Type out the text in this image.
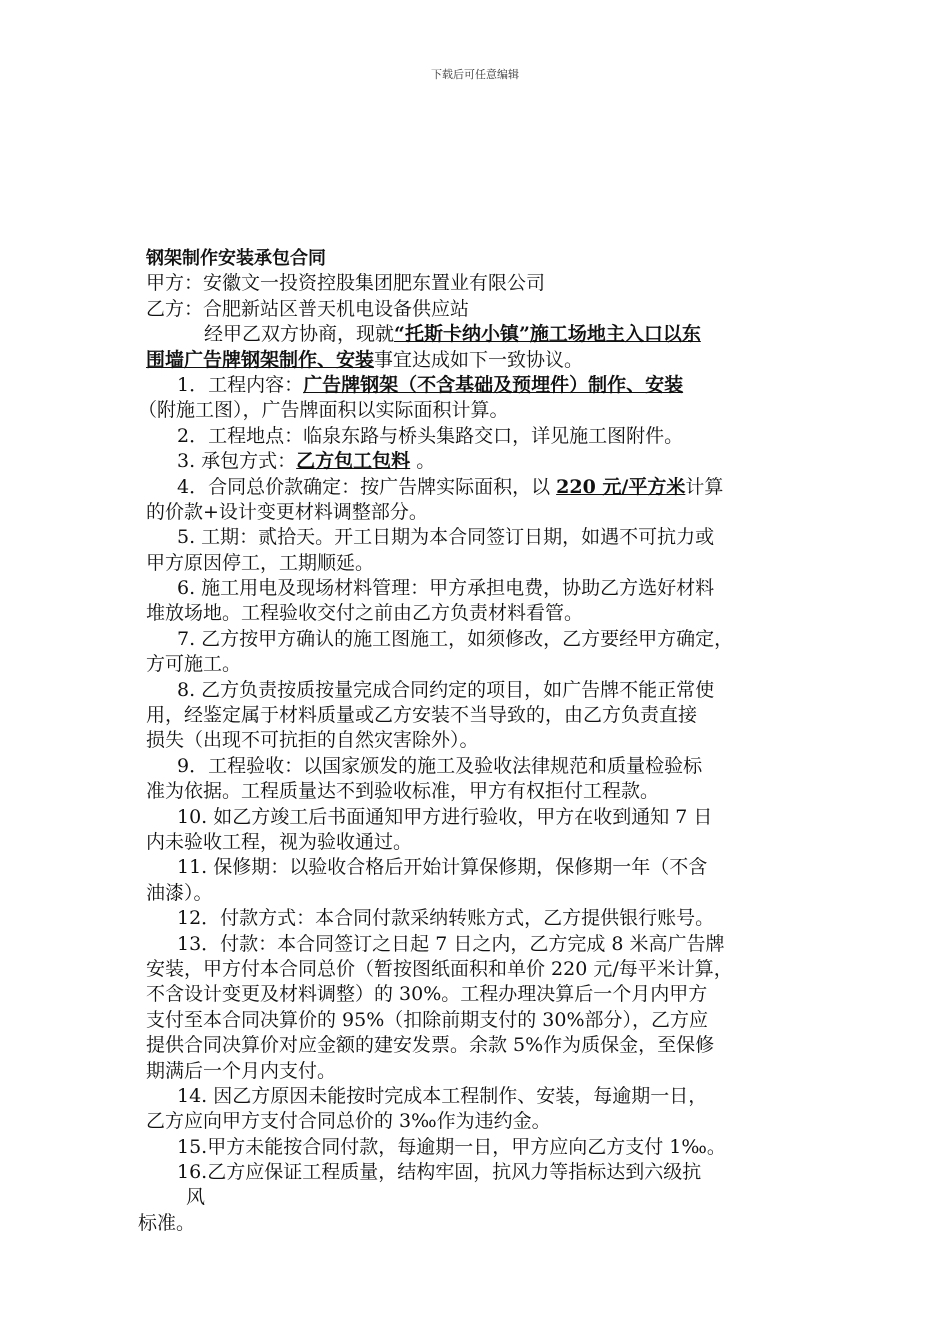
下载后可任意编辑
钢架制作安装承包合同
甲方：安徽文一投资控股集团肥东置业有限公司
乙方：合肥新站区普天机电设备供应站
经甲乙双方协商，现就“托斯卡纳小镇”施工场地主入口以东
围墙广告牌钢架制作、安装事宜达成如下一致协议。
1．工程内容：广告牌钢架（不含基础及预埋件）制作、安装
（附施工图），广告牌面积以实际面积计算。
2．工程地点：临泉东路与桥头集路交口，详见施工图附件。
3. 承包方式：乙方包工包料 。
4．合同总价款确定：按广告牌实际面积，以 220 元/平方米计算
的价款+设计变更材料调整部分。
5. 工期：贰拾天。开工日期为本合同签订日期，如遇不可抗力或
甲方原因停工，工期顺延。
6. 施工用电及现场材料管理：甲方承担电费，协助乙方选好材料
堆放场地。工程验收交付之前由乙方负责材料看管。
7. 乙方按甲方确认的施工图施工，如须修改，乙方要经甲方确定，
方可施工。
8. 乙方负责按质按量完成合同约定的项目，如广告牌不能正常使
用，经鉴定属于材料质量或乙方安装不当导致的，由乙方负责直接
损失（出现不可抗拒的自然灾害除外）。
9．工程验收：以国家颁发的施工及验收法律规范和质量检验标
准为依据。工程质量达不到验收标准，甲方有权拒付工程款。
10. 如乙方竣工后书面通知甲方进行验收，甲方在收到通知 7 日
内未验收工程，视为验收通过。
11. 保修期：以验收合格后开始计算保修期，保修期一年（不含
油漆）。
12．付款方式：本合同付款采纳转账方式，乙方提供银行账号。
13．付款：本合同签订之日起 7 日之内，乙方完成 8 米高广告牌
安装，甲方付本合同总价（暂按图纸面积和单价 220 元/每平米计算，
不含设计变更及材料调整）的 30%。工程办理决算后一个月内甲方
支付至本合同决算价的 95%（扣除前期支付的 30%部分），乙方应
提供合同决算价对应金额的建安发票。余款 5%作为质保金，至保修
期满后一个月内支付。
14. 因乙方原因未能按时完成本工程制作、安装，每逾期一日，
乙方应向甲方支付合同总价的 3‰作为违约金。
15.甲方未能按合同付款，每逾期一日，甲方应向乙方支付 1‰。
16.乙方应保证工程质量，结构牢固，抗风力等指标达到六级抗
风
标准。
